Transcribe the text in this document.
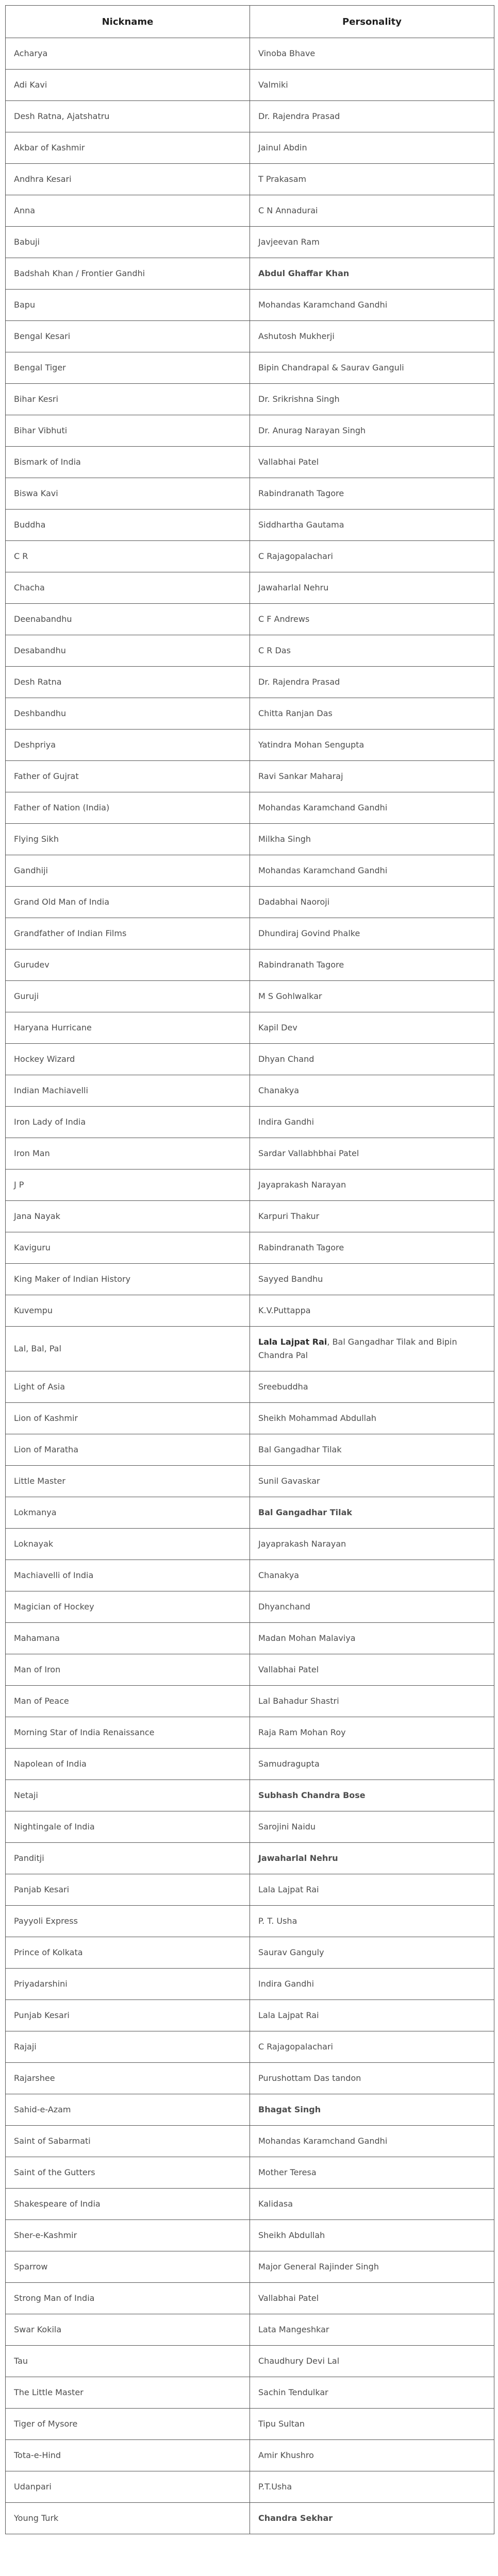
Nickname	Personality
Acharya	Vinoba Bhave
Adi Kavi	Valmiki
Desh Ratna, Ajatshatru	Dr. Rajendra Prasad
Akbar of Kashmir	Jainul Abdin
Andhra Kesari	T Prakasam
Anna	C N Annadurai
Babuji	Javjeevan Ram
Badshah Khan / Frontier Gandhi	Abdul Ghaffar Khan
Bapu	Mohandas Karamchand Gandhi
Bengal Kesari	Ashutosh Mukherji
Bengal Tiger	Bipin Chandrapal & Saurav Ganguli
Bihar Kesri	Dr. Srikrishna Singh
Bihar Vibhuti	Dr. Anurag Narayan Singh
Bismark of India	Vallabhai Patel
Biswa Kavi	Rabindranath Tagore
Buddha	Siddhartha Gautama
C R	C Rajagopalachari
Chacha	Jawaharlal Nehru
Deenabandhu	C F Andrews
Desabandhu	C R Das
Desh Ratna	Dr. Rajendra Prasad
Deshbandhu	Chitta Ranjan Das
Deshpriya	Yatindra Mohan Sengupta
Father of Gujrat	Ravi Sankar Maharaj
Father of Nation (India)	Mohandas Karamchand Gandhi
Flying Sikh	Milkha Singh
Gandhiji	Mohandas Karamchand Gandhi
Grand Old Man of India	Dadabhai Naoroji
Grandfather of Indian Films	Dhundiraj Govind Phalke
Gurudev	Rabindranath Tagore
Guruji	M S Gohlwalkar
Haryana Hurricane	Kapil Dev
Hockey Wizard	Dhyan Chand
Indian Machiavelli	Chanakya
Iron Lady of India	Indira Gandhi
Iron Man	Sardar Vallabhbhai Patel
J P	Jayaprakash Narayan
Jana Nayak	Karpuri Thakur
Kaviguru	Rabindranath Tagore
King Maker of Indian History	Sayyed Bandhu
Kuvempu	K.V.Puttappa
Lal, Bal, Pal	Lala Lajpat Rai, Bal Gangadhar Tilak and Bipin Chandra Pal
Light of Asia	Sreebuddha
Lion of Kashmir	Sheikh Mohammad Abdullah
Lion of Maratha	Bal Gangadhar Tilak
Little Master	Sunil Gavaskar
Lokmanya	Bal Gangadhar Tilak
Loknayak	Jayaprakash Narayan
Machiavelli of India	Chanakya
Magician of Hockey	Dhyanchand
Mahamana	Madan Mohan Malaviya
Man of Iron	Vallabhai Patel
Man of Peace	Lal Bahadur Shastri
Morning Star of India Renaissance	Raja Ram Mohan Roy
Napolean of India	Samudragupta
Netaji	Subhash Chandra Bose
Nightingale of India	Sarojini Naidu
Panditji	Jawaharlal Nehru
Panjab Kesari	Lala Lajpat Rai
Payyoli Express	P. T. Usha
Prince of Kolkata	Saurav Ganguly
Priyadarshini	Indira Gandhi
Punjab Kesari	Lala Lajpat Rai
Rajaji	C Rajagopalachari
Rajarshee	Purushottam Das tandon
Sahid-e-Azam	Bhagat Singh
Saint of Sabarmati	Mohandas Karamchand Gandhi
Saint of the Gutters	Mother Teresa
Shakespeare of India	Kalidasa
Sher-e-Kashmir	Sheikh Abdullah
Sparrow	Major General Rajinder Singh
Strong Man of India	Vallabhai Patel
Swar Kokila	Lata Mangeshkar
Tau	Chaudhury Devi Lal
The Little Master	Sachin Tendulkar
Tiger of Mysore	Tipu Sultan
Tota-e-Hind	Amir Khushro
Udanpari	P.T.Usha
Young Turk	Chandra Sekhar
